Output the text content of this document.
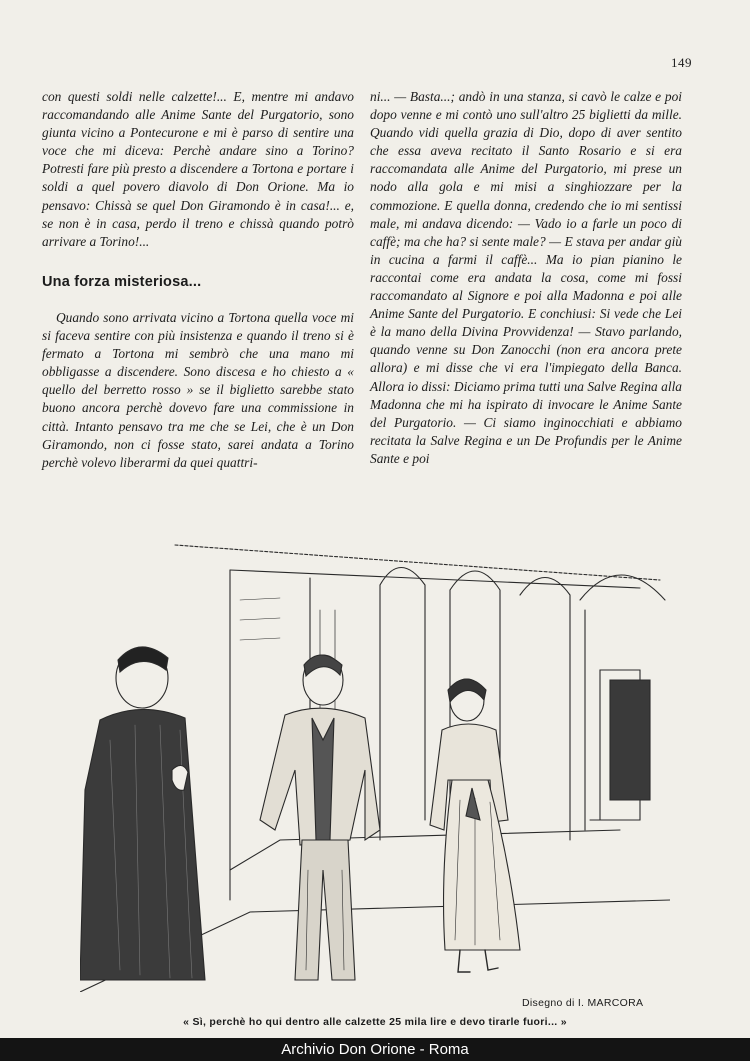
149

con questi soldi nelle calzette!... E, mentre mi andavo raccomandando alle Anime Sante del Purgatorio, sono giunta vicino a Pontecurone e mi è parso di sentire una voce che mi diceva: Perchè andare sino a Torino? Potresti fare più presto a discendere a Tortona e portare i soldi a quel povero diavolo di Don Orione. Ma io pensavo: Chissà se quel Don Giramondo è in casa!... e, se non è in casa, perdo il treno e chissà quando potrò arrivare a Torino!...

Una forza misteriosa...

Quando sono arrivata vicino a Tortona quella voce mi si faceva sentire con più insistenza e quando il treno si è fermato a Tortona mi sembrò che una mano mi obbligasse a discendere. Sono discesa e ho chiesto a « quello del berretto rosso » se il biglietto sarebbe stato buono ancora perchè dovevo fare una commissione in città. Intanto pensavo tra me che se Lei, che è un Don Giramondo, non ci fosse stato, sarei andata a Torino perchè volevo liberarmi da quei quattri-

ni... — Basta...; andò in una stanza, si cavò le calze e poi dopo venne e mi contò uno sull'altro 25 biglietti da mille. Quando vidi quella grazia di Dio, dopo di aver sentito che essa aveva recitato il Santo Rosario e si era raccomandata alle Anime del Purgatorio, mi prese un nodo alla gola e mi misi a singhiozzare per la commozione. E quella donna, credendo che io mi sentissi male, mi andava dicendo: — Vado io a farle un poco di caffè; ma che ha? si sente male? — E stava per andar giù in cucina a farmi il caffè... Ma io pian pianino le raccontai come era andata la cosa, come mi fossi raccomandato al Signore e poi alla Madonna e poi alle Anime Sante del Purgatorio. E conchiusi: Si vede che Lei è la mano della Divina Provvidenza! — Stavo parlando, quando venne su Don Zanocchi (non era ancora prete allora) e mi disse che vi era l'impiegato della Banca. Allora io dissi: Diciamo prima tutti una Salve Regina alla Madonna che mi ha ispirato di invocare le Anime Sante del Purgatorio. — Ci siamo inginocchiati e abbiamo recitata la Salve Regina e un De Profundis per le Anime Sante e poi

Disegno di I. MARCORA
« Sì, perchè ho qui dentro alle calzette 25 mila lire e devo tirarle fuori... »
Archivio Don Orione - Roma
